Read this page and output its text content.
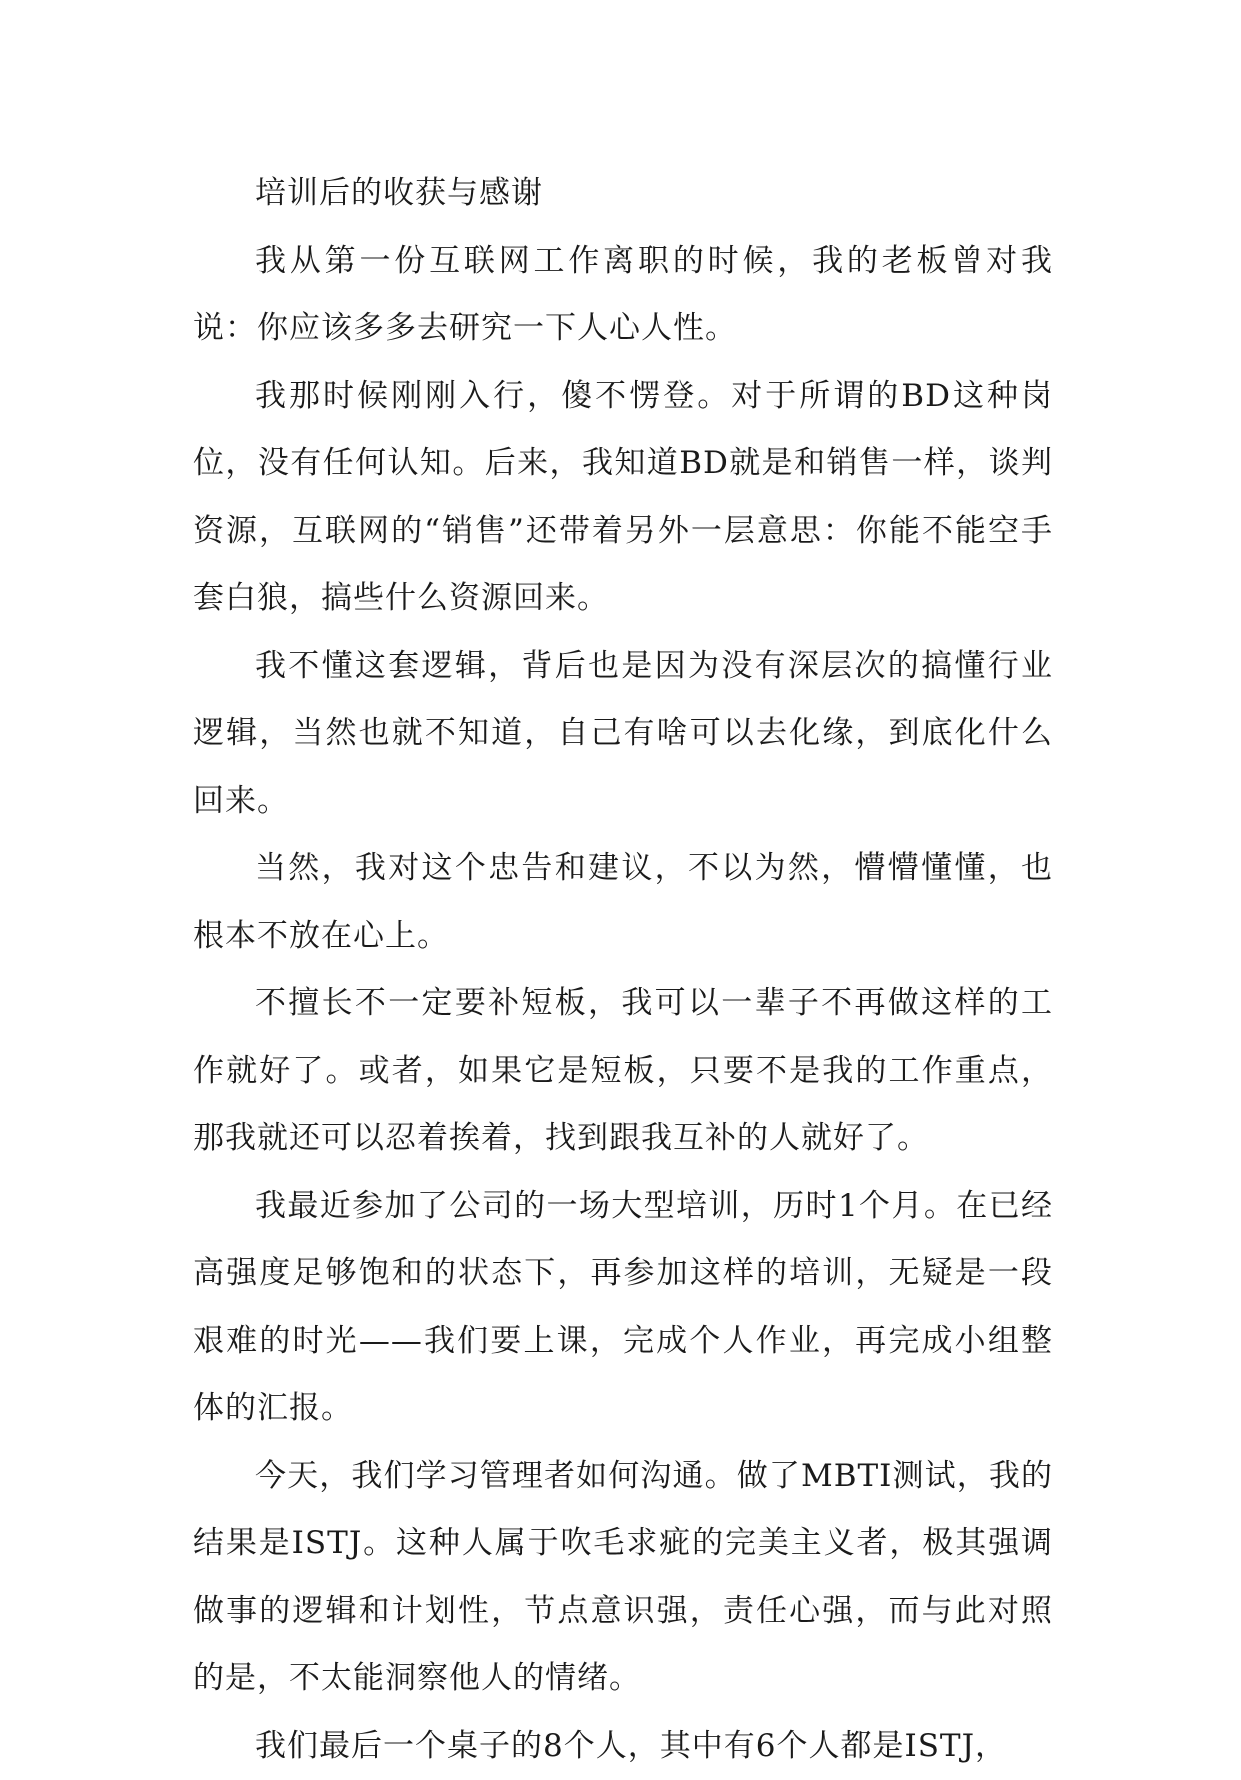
培训后的收获与感谢

我从第一份互联网工作离职的时候，我的老板曾对我说：你应该多多去研究一下人心人性。

我那时候刚刚入行，傻不愣登。对于所谓的BD这种岗位，没有任何认知。后来，我知道BD就是和销售一样，谈判资源，互联网的“销售”还带着另外一层意思：你能不能空手套白狼，搞些什么资源回来。

我不懂这套逻辑，背后也是因为没有深层次的搞懂行业逻辑，当然也就不知道，自己有啥可以去化缘，到底化什么回来。

当然，我对这个忠告和建议，不以为然，懵懵懂懂，也根本不放在心上。

不擅长不一定要补短板，我可以一辈子不再做这样的工作就好了。或者，如果它是短板，只要不是我的工作重点，那我就还可以忍着挨着，找到跟我互补的人就好了。

我最近参加了公司的一场大型培训，历时1个月。在已经高强度足够饱和的状态下，再参加这样的培训，无疑是一段艰难的时光——我们要上课，完成个人作业，再完成小组整体的汇报。

今天，我们学习管理者如何沟通。做了MBTI测试，我的结果是ISTJ。这种人属于吹毛求疵的完美主义者，极其强调做事的逻辑和计划性，节点意识强，责任心强，而与此对照的是，不太能洞察他人的情绪。

我们最后一个桌子的8个人，其中有6个人都是ISTJ，
